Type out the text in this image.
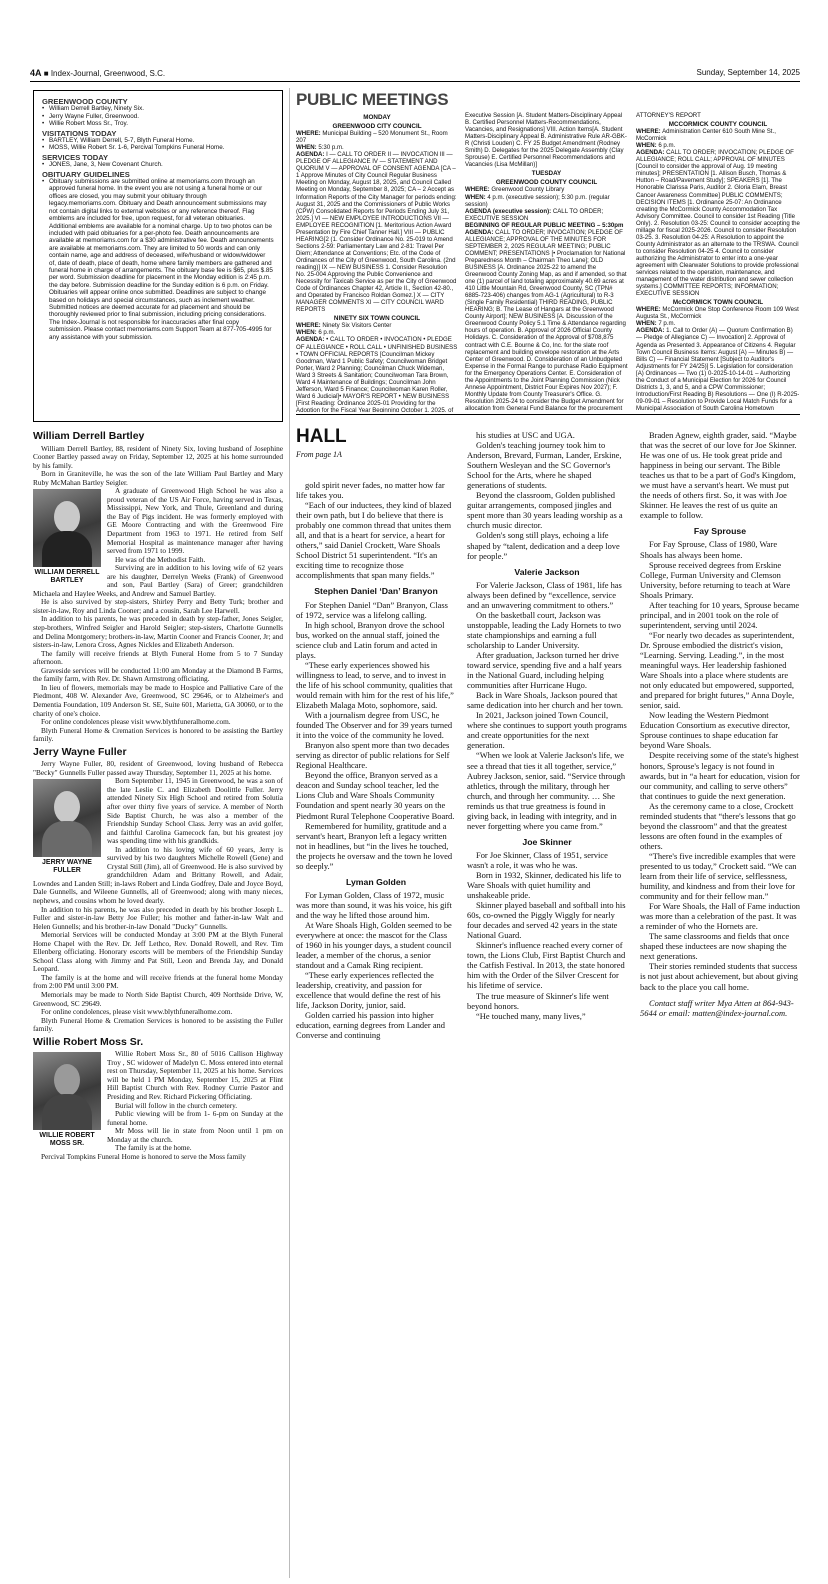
4A ■ Index-Journal, Greenwood, S.C.	Sunday, September 14, 2025
GREENWOOD COUNTY
• William Derrell Bartley, Ninety Six.
• Jerry Wayne Fuller, Greenwood.
• Willie Robert Moss Sr., Troy.
VISITATIONS TODAY
• BARTLEY, William Derrell, 5-7, Blyth Funeral Home.
• MOSS, Willie Robert Sr. 1-6, Percival Tompkins Funeral Home.
SERVICES TODAY
• JONES, Jane, 3, New Covenant Church.
OBITUARY GUIDELINES
• Obituary submissions are submitted online at memoriams.com through an approved funeral home. In the event you are not using a funeral home or our offices are closed, you may submit your obituary through legacy.memoriams.com. Obituary and Death announcement submissions may not contain digital links to external websites or any reference thereof. Flag emblems are included for free, upon request, for all veteran obituaries. Additional emblems are available for a nominal charge. Up to two photos can be included with paid obituaries for a per-photo fee. Death announcements are available at memoriams.com for a $30 administrative fee. Death announcements are available at memoriams.com. They are limited to 50 words and can only contain name, age and address of deceased, wife/husband or widow/widower of, date of death, place of death, home where family members are gathered and funeral home in charge of arrangements. The obituary base fee is $65, plus $.85 per word. Submission deadline for placement in the Monday edition is 2:45 p.m. the day before. Submission deadline for the Sunday edition is 6 p.m. on Friday. Obituaries will appear online once submitted. Deadlines are subject to change based on holidays and special circumstances, such as inclement weather. Submitted notices are deemed accurate for ad placement and should be thoroughly reviewed prior to final submission, including pricing considerations. The Index-Journal is not responsible for inaccuracies after final copy submission. Please contact memoriams.com Support Team at 877-705-4995 for any assistance with your submission.
William Derrell Bartley

William Derrell Bartley, 88, resident of Ninety Six, loving husband of Josephine Cooner Bartley passed away on Friday, September 12, 2025 at his home surrounded by his family.

Born in Graniteville, he was the son of the late William Paul Bartley and Mary Ruby McMahan Bartley Seigler.

WILLIAM DERRELL BARTLEY

A graduate of Greenwood High School he was also a proud veteran of the US Air Force, having served in Texas, Mississippi, New York, and Thule, Greenland and during the Bay of Pigs incident. He was formerly employed with GE Moore Contracting and with the Greenwood Fire Department from 1963 to 1971. He retired from Self Memorial Hospital as maintenance manager after having served from 1971 to 1999.

He was of the Methodist Faith.

Surviving are in addition to his loving wife of 62 years are his daughter, Derrelyn Weeks (Frank) of Greenwood and son, Paul Bartley (Sara) of Greer; grandchildren Michaela and Haylee Weeks, and Andrew and Samuel Bartley.

He is also survived by step-sisters, Shirley Perry and Betty Turk; brother and sister-in-law, Roy and Linda Cooner; and a cousin, Sarah Lee Harwell.

In addition to his parents, he was preceded in death by step-father, Jones Seigler, step-brothers, Winfred Seigler and Harold Seigler; step-sisters, Charlotte Gunnells and Delina Montgomery; brothers-in-law, Martin Cooner and Francis Cooner, Jr; and sisters-in-law, Lenora Cross, Agnes Nickles and Elizabeth Anderson.

The family will receive friends at Blyth Funeral Home from 5 to 7 Sunday afternoon.

Graveside services will be conducted 11:00 am Monday at the Diamond B Farms, the family farm, with Rev. Dr. Shawn Armstrong officiating.

In lieu of flowers, memorials may be made to Hospice and Palliative Care of the Piedmont, 408 W. Alexander Ave, Greenwood, SC 29646, or to Alzheimer's and Dementia Foundation, 109 Anderson St. SE, Suite 601, Marietta, GA 30060, or to the charity of one's choice.

For online condolences please visit www.blythfuneralhome.com.

Blyth Funeral Home & Cremation Services is honored to be assisting the Bartley family.

Jerry Wayne Fuller

Jerry Wayne Fuller, 80, resident of Greenwood, loving husband of Rebecca "Becky" Gunnells Fuller passed away Thursday, September 11, 2025 at his home.

JERRY WAYNE FULLER

Born September 11, 1945 in Greenwood, he was a son of the late Leslie C. and Elizabeth Doolittle Fuller. Jerry attended Ninety Six High School and retired from Solutia after over thirty five years of service. A member of North Side Baptist Church, he was also a member of the Friendship Sunday School Class. Jerry was an avid golfer, and faithful Carolina Gamecock fan, but his greatest joy was spending time with his grandkids.

In addition to his loving wife of 60 years, Jerry is survived by his two daughters Michelle Rowell (Gene) and Crystal Still (Jim), all of Greenwood. He is also survived by grandchildren Adam and Brittany Rowell, and Adair, Lowndes and Landen Still; in-laws Robert and Linda Godfrey, Dale and Joyce Boyd, Dale Gunnells, and Wileene Gunnells, all of Greenwood; along with many nieces, nephews, and cousins whom he loved dearly.

In addition to his parents, he was also preceded in death by his brother Joseph L. Fuller and sister-in-law Betty Joe Fuller; his mother and father-in-law Walt and Helen Gunnells; and his brother-in-law Donald "Ducky" Gunnells.

Memorial Services will be conducted Monday at 3:00 PM at the Blyth Funeral Home Chapel with the Rev. Dr. Jeff Lethco, Rev. Donald Rowell, and Rev. Tim Ellenberg officiating. Honorary escorts will be members of the Friendship Sunday School Class along with Jimmy and Pat Still, Leon and Brenda Jay, and Donald Leopard.

The family is at the home and will receive friends at the funeral home Monday from 2:00 PM until 3:00 PM.

Memorials may be made to North Side Baptist Church, 409 Northside Drive, W, Greenwood, SC 29649.

For online condolences, please visit www.blythfuneralhome.com.

Blyth Funeral Home & Cremation Services is honored to be assisting the Fuller family.

Willie Robert Moss Sr.
WILLIE ROBERT MOSS SR.

Willie Robert Moss Sr., 80 of 5016 Callison Highway Troy , SC widower of Madelyn C. Moss entered into eternal rest on Thursday, September 11, 2025 at his home. Services will be held 1 PM Monday, September 15, 2025 at Flint Hill Baptist Church with Rev. Rodney Currie Pastor and Presiding and Rev. Richard Pickering Officiating.

Burial will follow in the church cemetery.

Public viewing will be from 1- 6-pm on Sunday at the funeral home.

Mr Moss will lie in state from Noon until 1 pm on Monday at the church.

The family is at the home.

Percival Tompkins Funeral Home is honored to serve the Moss family

PUBLIC MEETINGS
MONDAY
GREENWOOD CITY COUNCIL

WHERE: Municipal Building – 520 Monument St., Room 207

WHEN: 5:30 p.m.

AGENDA: I — CALL TO ORDER II — INVOCATION III — PLEDGE OF ALLEGIANCE IV — STATEMENT AND QUORUM V — APPROVAL OF CONSENT AGENDA [CA – 1 Approve Minutes of City Council Regular Business Meeting on Monday, August 18, 2025, and Council Called Meeting on Monday, September 8, 2025; CA – 2 Accept as Information Reports of the City Manager for periods ending: August 31, 2025 and the Commissioners of Public Works (CPW) Consolidated Reports for Periods Ending July 31, 2025.] VI — NEW EMPLOYEE INTRODUCTIONS VII — EMPLOYEE RECOGNITION [1. Meritorious Action Award Presentation by Fire Chief Tanner Hall.] VIII — PUBLIC HEARING[2 (1. Consider Ordinance No. 25-019 to Amend Sections 2-59: Parliamentary Law and 2-81: Travel Per Diem; Attendance at Conventions; Etc. of the Code of Ordinances of the City of Greenwood, South Carolina. (2nd reading)] IX — NEW BUSINESS 1. Consider Resolution No. 25-004 Approving the Public Convenience and Necessity for Taxicab Service as per the City of Greenwood Code of Ordinances Chapter 42, Article II., Section 42-80., and Operated by Francisco Roldan Gomez.] X — CITY MANAGER COMMENTS XI — CITY COUNCIL WARD REPORTS

NINETY SIX TOWN COUNCIL

WHERE: Ninety Six Visitors Center

WHEN: 6 p.m.

AGENDA: • CALL TO ORDER • INVOCATION • PLEDGE OF ALLEGIANCE • ROLL CALL • UNFINISHED BUSINESS • TOWN OFFICIAL REPORTS [Councilman Mickey Goodman, Ward 1 Public Safety; Councilwoman Bridget Porter, Ward 2 Planning; Councilman Chuck Wideman, Ward 3 Streets & Sanitation; Councilwoman Tara Brown, Ward 4 Maintenance of Buildings; Councilman John Jefferson, Ward 5 Finance; Councilwoman Karen Roller, Ward 6 Judicial]• MAYOR'S REPORT • NEW BUSINESS [First Reading: Ordinance 2025-01 Providing for the Adoption for the Fiscal Year Beginning October 1, 2025, of

Executive Session [A. Student Matters-Disciplinary Appeal B. Certified Personnel Matters-Recommendations, Vacancies, and Resignations] VIII. Action Items[A. Student Matters-Disciplinary Appeal B. Administrative Rule AR-GBK-R (Christi Louden) C. FY 25 Budget Amendment (Rodney Smith) D. Delegates for the 2025 Delegate Assembly (Clay Sprouse) E. Certified Personnel Recommendations and Vacancies (Lisa McMillan)]

TUESDAY
GREENWOOD COUNTY COUNCIL

WHERE: Greenwood County Library

WHEN: 4 p.m. (executive session); 5:30 p.m. (regular session)

AGENDA (executive session): CALL TO ORDER; EXECUTIVE SESSION

BEGINNING OF REGULAR PUBLIC MEETING – 5:30pm

AGENDA: CALL TO ORDER; INVOCATION; PLEDGE OF ALLEGIANCE; APPROVAL OF THE MINUTES FOR SEPTEMBER 2, 2025 REGULAR MEETING; PUBLIC COMMENT; PRESENTATIONS [• Proclamation for National Preparedness Month – Chairman Theo Lane]; OLD BUSINESS [A. Ordinance 2025-22 to amend the Greenwood County Zoning Map, as and if amended, so that one (1) parcel of land totaling approximately 40.69 acres at 410 Little Mountain Rd, Greenwood County, SC (TPN# 6885-723-406) changes from AG-1 (Agricultural) to R-3 (Single Family Residential) THIRD READING, PUBLIC HEARING; B. The Lease of Hangars at the Greenwood County Airport]; NEW BUSINESS [A. Discussion of the Greenwood County Policy 5.1 Time & Attendance regarding hours of operation. B. Approval of 2026 Official County Holidays. C. Consideration of the Approval of $708,875 contract with C.E. Bourne & Co, Inc. for the slate roof replacement and building envelope restoration at the Arts Center of Greenwood. D. Consideration of an Unbudgeted Expense in the Formal Range to purchase Radio Equipment for the Emergency Operations Center. E. Consideration of the Appointments to the Joint Planning Commission (Nick Annese Appointment, District Four Expires Nov 2027); F. Monthly Update from County Treasurer's Office. G. Resolution 2025-24 to consider the Budget Amendment for allocation from General Fund Balance for the procurement

ATTORNEY'S REPORT

MCCORMICK COUNTY COUNCIL

WHERE: Administration Center 610 South Mine St., McCormick

WHEN: 6 p.m.

AGENDA: CALL TO ORDER; INVOCATION; PLEDGE OF ALLEGIANCE; ROLL CALL; APPROVAL OF MINUTES [Council to consider the approval of Aug. 19 meeting minutes]; PRESENTATION [1. Allison Busch, Thomas & Hutton – Road/Pavement Study]; SPEAKERS [1]. The Honorable Clarissa Paris, Auditor 2. Gloria Elam, Breast Cancer Awareness Committee] PUBLIC COMMENTS; DECISION ITEMS [1. Ordinance 25-07: An Ordinance creating the McCormick County Accommodation Tax Advisory Committee. Council to consider 1st Reading (Title Only). 2. Resolution 03-25: Council to consider accepting the millage for fiscal 2025-2026. Council to consider Resolution 03-25. 3. Resolution 04-25: A Resolution to appoint the County Administrator as an alternate to the TRSWA. Council to consider Resolution 04-25 4. Council to consider authorizing the Administrator to enter into a one-year agreement with Clearwater Solutions to provide professional services related to the operation, maintenance, and management of the water distribution and sewer collection systems.] COMMITTEE REPORTS; INFORMATION; EXECUTIVE SESSION

McCORMICK TOWN COUNCIL

WHERE: McCormick One Stop Conference Room 109 West Augusta St., McCormick

WHEN: 7 p.m.

AGENDA: 1. Call to Order (A) — Quorum Confirmation B) — Pledge of Allegiance C) — Invocation] 2. Approval of Agenda as Presented 3. Appearance of Citizens 4. Regular Town Council Business Items: August [A) — Minutes B) — Bills C) — Financial Statement [Subject to Auditor's Adjustments for FY 24/25)] 5. Legislation for consideration [A) Ordinances — Two (1) 0-2025-10-14-01 – Authorizing the Conduct of a Municipal Election for 2026 for Council Districts 1, 3, and 5, and a CPW Commissioner; Introduction/First Reading B) Resolutions — One (I) R-2025-09-09-01 – Resolution to Provide Local Match Funds for a Municipal Association of South Carolina Hometown

HALL
From page 1A

gold spirit never fades, no matter how far life takes you.

“Each of our inductees, they kind of blazed their own path, but I do believe that there is probably one common thread that unites them all, and that is a heart for service, a heart for others,” said Daniel Crockett, Ware Shoals School District 51 superintendent. “It's an exciting time to recognize those accomplishments that span many fields.”

Stephen Daniel ‘Dan’ Branyon

For Stephen Daniel “Dan” Branyon, Class of 1972, service was a lifelong calling.

In high school, Branyon drove the school bus, worked on the annual staff, joined the science club and Latin forum and acted in plays.

“These early experiences showed his willingness to lead, to serve, and to invest in the life of his school community, qualities that would remain with him for the rest of his life,” Elizabeth Malaga Moto, sophomore, said.

With a journalism degree from USC, he founded The Observer and for 39 years turned it into the voice of the community he loved.

Branyon also spent more than two decades serving as director of public relations for Self Regional Healthcare.

Beyond the office, Branyon served as a deacon and Sunday school teacher, led the Lions Club and Ware Shoals Community Foundation and spent nearly 30 years on the Piedmont Rural Telephone Cooperative Board.

Remembered for humility, gratitude and a servant's heart, Branyon left a legacy written not in headlines, but “in the lives he touched, the projects he oversaw and the town he loved so deeply.”

Lyman Golden

For Lyman Golden, Class of 1972, music was more than sound, it was his voice, his gift and the way he lifted those around him.

At Ware Shoals High, Golden seemed to be everywhere at once: the mascot for the Class of 1960 in his younger days, a student council leader, a member of the chorus, a senior standout and a Camak Ring recipient.

“These early experiences reflected the leadership, creativity, and passion for excellence that would define the rest of his life, Jackson Dority, junior, said.

Golden carried his passion into higher education, earning degrees from Lander and Converse and continuing

his studies at USC and UGA.

Golden's teaching journey took him to Anderson, Brevard, Furman, Lander, Erskine, Southern Wesleyan and the SC Governor's School for the Arts, where he shaped generations of students.

Beyond the classroom, Golden published guitar arrangements, composed jingles and spent more than 30 years leading worship as a church music director.

Golden's song still plays, echoing a life shaped by “talent, dedication and a deep love for people.”

Valerie Jackson

For Valerie Jackson, Class of 1981, life has always been defined by “excellence, service and an unwavering commitment to others.”

On the basketball court, Jackson was unstoppable, leading the Lady Hornets to two state championships and earning a full scholarship to Lander University.

After graduation, Jackson turned her drive toward service, spending five and a half years in the National Guard, including helping communities after Hurricane Hugo.

Back in Ware Shoals, Jackson poured that same dedication into her church and her town.

In 2021, Jackson joined Town Council, where she continues to support youth programs and create opportunities for the next generation.

“When we look at Valerie Jackson's life, we see a thread that ties it all together, service,” Aubrey Jackson, senior, said. “Service through athletics, through the military, through her church, and through her community. … She reminds us that true greatness is found in giving back, in leading with integrity, and in never forgetting where you came from.”

Joe Skinner

For Joe Skinner, Class of 1951, service wasn't a role, it was who he was.

Born in 1932, Skinner, dedicated his life to Ware Shoals with quiet humility and unshakeable pride.

Skinner played baseball and softball into his 60s, co-owned the Piggly Wiggly for nearly four decades and served 42 years in the state National Guard.

Skinner's influence reached every corner of town, the Lions Club, First Baptist Church and the Catfish Festival. In 2013, the state honored him with the Order of the Silver Crescent for his lifetime of service.

The true measure of Skinner's life went beyond honors.

“He touched many, many lives,”

Braden Agnew, eighth grader, said. “Maybe that was the secret of our love for Joe Skinner. He was one of us. He took great pride and happiness in being our servant. The Bible teaches us that to be a part of God's Kingdom, we must have a servant's heart. We must put the needs of others first. So, it was with Joe Skinner. He leaves the rest of us quite an example to follow.

Fay Sprouse

For Fay Sprouse, Class of 1980, Ware Shoals has always been home.

Sprouse received degrees from Erskine College, Furman University and Clemson University, before returning to teach at Ware Shoals Primary.

After teaching for 10 years, Sprouse became principal, and in 2001 took on the role of superintendent, serving until 2024.

“For nearly two decades as superintendent, Dr. Sprouse embodied the district's vision, “Learning. Serving. Leading.”, in the most meaningful ways. Her leadership fashioned Ware Shoals into a place where students are not only educated but empowered, supported, and prepared for bright futures,” Anna Doyle, senior, said.

Now leading the Western Piedmont Education Consortium as executive director, Sprouse continues to shape education far beyond Ware Shoals.

Despite receiving some of the state's highest honors, Sprouse's legacy is not found in awards, but in “a heart for education, vision for our community, and calling to serve others” that continues to guide the next generation.

As the ceremony came to a close, Crockett reminded students that “there's lessons that go beyond the classroom” and that the greatest lessons are often found in the examples of others.

“There's five incredible examples that were presented to us today,” Crockett said. “We can learn from their life of service, selflessness, humility, and kindness and from their love for community and for their fellow man.”

For Ware Shoals, the Hall of Fame induction was more than a celebration of the past. It was a reminder of who the Hornets are.

The same classrooms and fields that once shaped these inductees are now shaping the next generations.

Their stories reminded students that success is not just about achievement, but about giving back to the place you call home.

Contact staff writer Mya Atten at 864-943-5644 or email: matten@index-journal.com.
